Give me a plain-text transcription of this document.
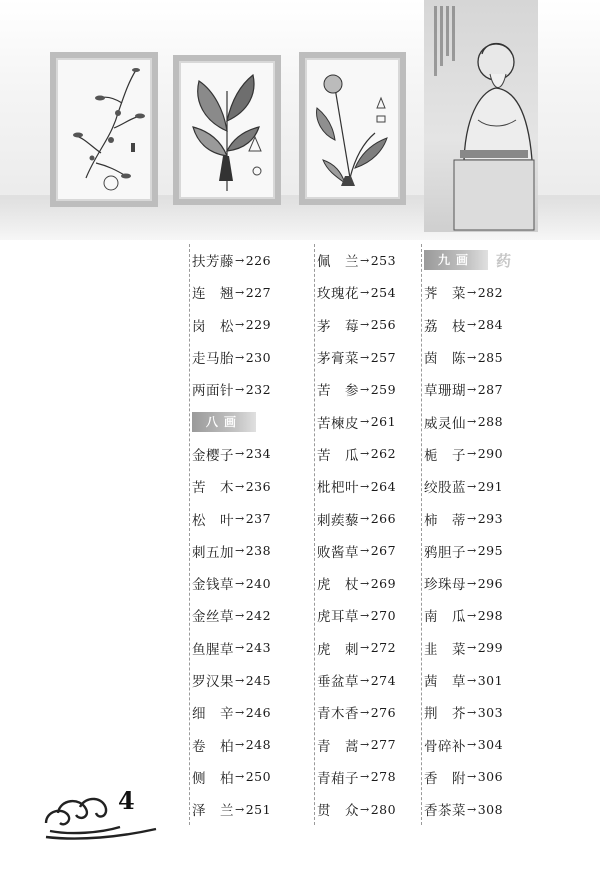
扶芳藤 → 226
连　翘 → 227
岗　松 → 229
走马胎 → 230
两面针 → 232
八画
金樱子 → 234
苦　木 → 236
松　叶 → 237
刺五加 → 238
金钱草 → 240
金丝草 → 242
鱼腥草 → 243
罗汉果 → 245
细　辛 → 246
卷　柏 → 248
侧　柏 → 250
泽　兰 → 251
佩　兰 → 253
玫瑰花 → 254
茅　莓 → 256
茅膏菜 → 257
苦　参 → 259
苦楝皮 → 261
苦　瓜 → 262
枇杷叶 → 264
刺蒺藜 → 266
败酱草 → 267
虎　杖 → 269
虎耳草 → 270
虎　刺 → 272
垂盆草 → 274
青木香 → 276
青　蒿 → 277
青葙子 → 278
贯　众 → 280
九画	药
荠　菜 → 282
荔　枝 → 284
茵　陈 → 285
草珊瑚 → 287
威灵仙 → 288
栀　子 → 290
绞股蓝 → 291
柿　蒂 → 293
鸦胆子 → 295
珍珠母 → 296
南　瓜 → 298
韭　菜 → 299
茜　草 → 301
荆　芥 → 303
骨碎补 → 304
香　附 → 306
香茶菜 → 308
4
